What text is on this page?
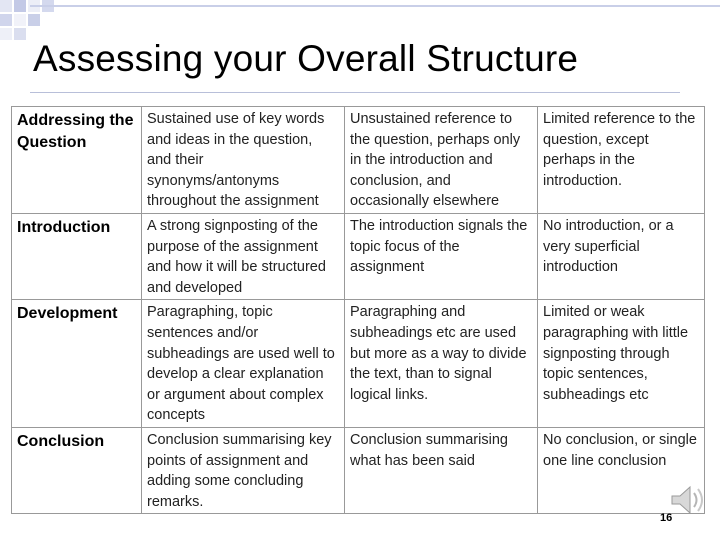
Assessing your Overall Structure
Addressing the Question	Sustained use of key words and ideas in the question, and their synonyms/antonyms throughout the assignment	Unsustained reference to the question, perhaps only in the introduction and conclusion, and occasionally elsewhere	Limited reference to the question, except perhaps in the introduction.
Introduction	A strong signposting of the purpose of the assignment and how it will be structured and developed	The introduction signals the topic focus of the assignment	No introduction, or a very superficial introduction
Development	Paragraphing, topic sentences and/or subheadings are used well to develop a clear explanation or argument about complex concepts	Paragraphing and subheadings etc are used but more as a way to divide the text, than to signal logical links.	Limited or weak paragraphing with little signposting through topic sentences, subheadings etc
Conclusion	Conclusion summarising key points of assignment and adding some concluding remarks.	Conclusion summarising what has been said	No conclusion, or single one line conclusion
16
